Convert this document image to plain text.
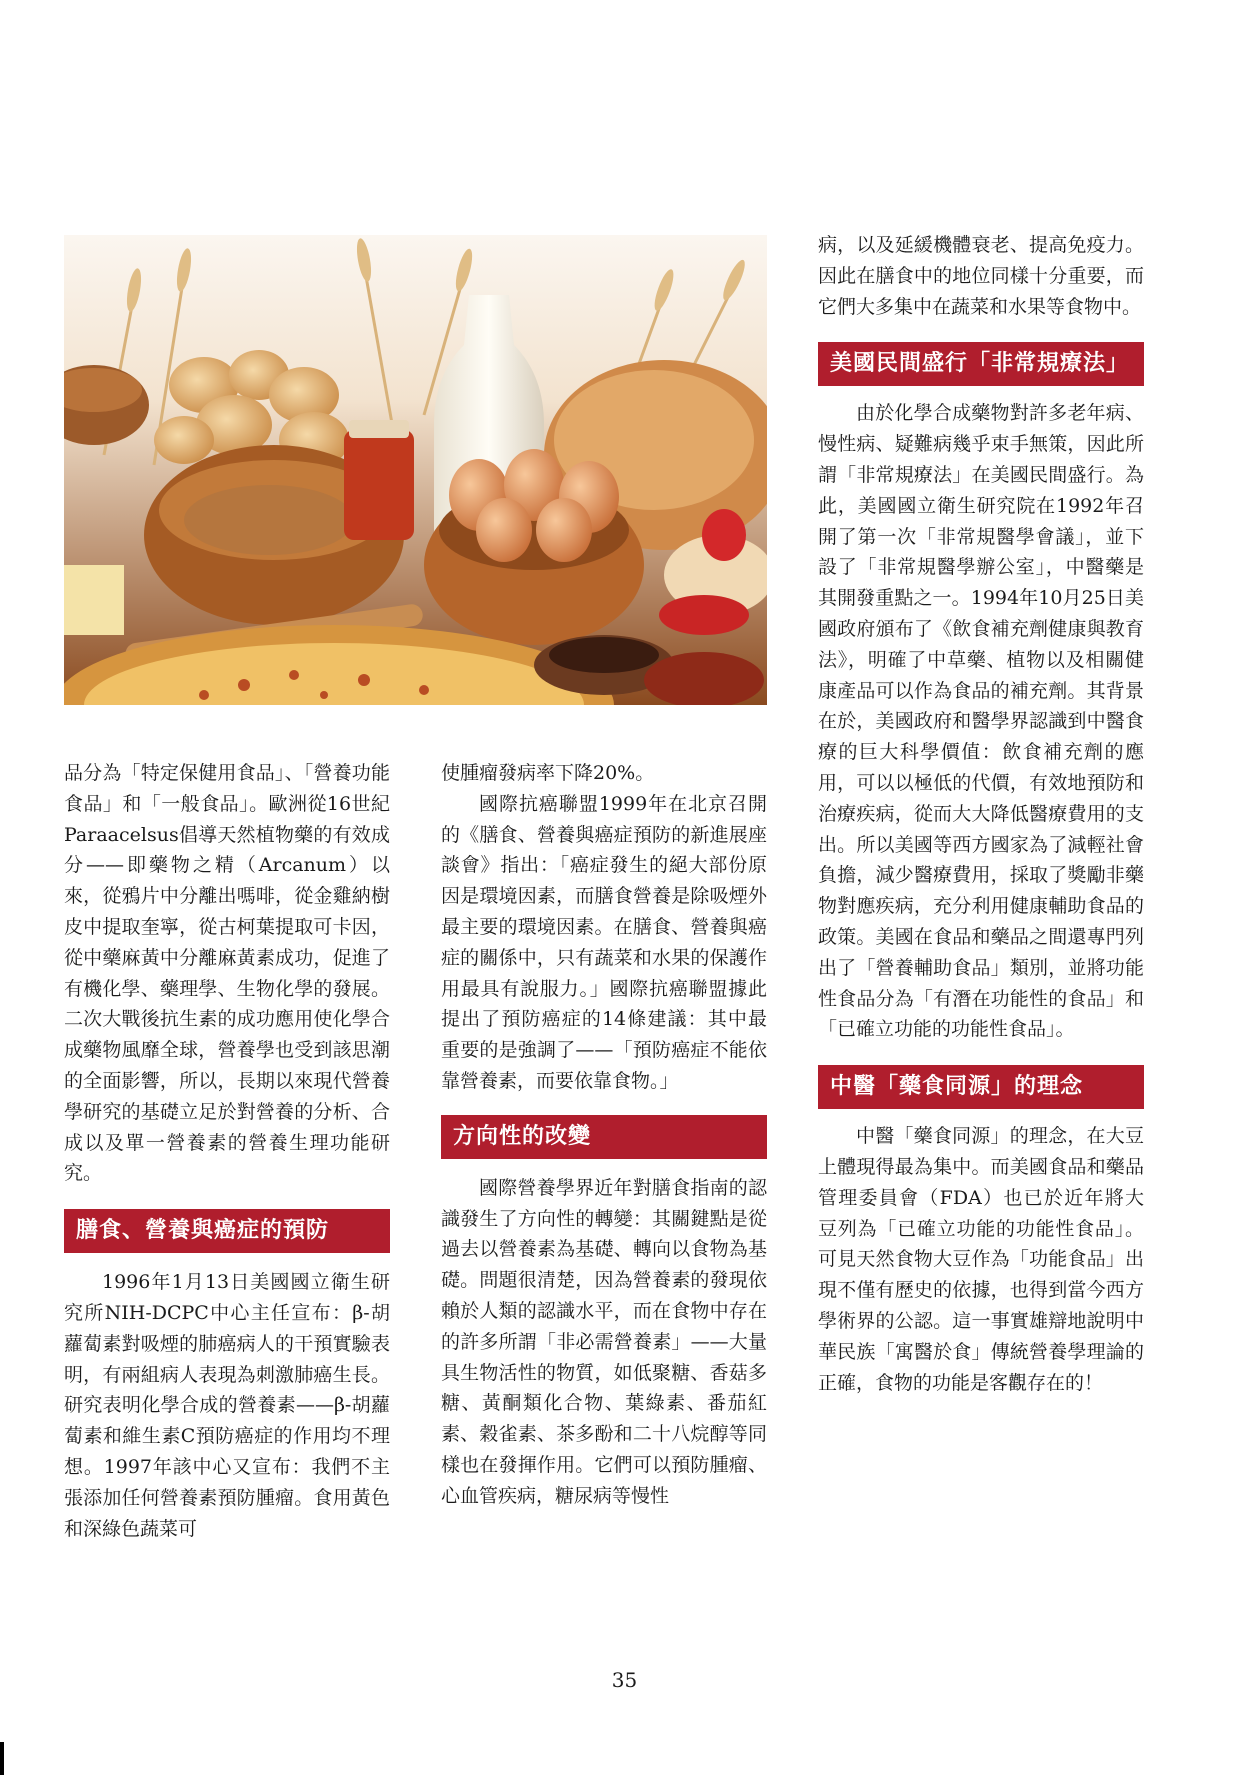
品分為「特定保健用食品」、「營養功能食品」和「一般食品」。歐洲從16世紀Paraacelsus倡導天然植物藥的有效成分——即藥物之精（Arcanum）以來，從鴉片中分離出嗎啡，從金雞納樹皮中提取奎寧，從古柯葉提取可卡因，從中藥麻黃中分離麻黃素成功，促進了有機化學、藥理學、生物化學的發展。二次大戰後抗生素的成功應用使化學合成藥物風靡全球，營養學也受到該思潮的全面影響，所以，長期以來現代營養學研究的基礎立足於對營養的分析、合成以及單一營養素的營養生理功能研究。

膳食、營養與癌症的預防

1996年1月13日美國國立衛生研究所NIH-DCPC中心主任宣布：β-胡蘿蔔素對吸煙的肺癌病人的干預實驗表明，有兩組病人表現為刺激肺癌生長。研究表明化學合成的營養素——β-胡蘿蔔素和維生素C預防癌症的作用均不理想。1997年該中心又宣布：我們不主張添加任何營養素預防腫瘤。食用黃色和深綠色蔬菜可

使腫瘤發病率下降20%。

國際抗癌聯盟1999年在北京召開的《膳食、營養與癌症預防的新進展座談會》指出：「癌症發生的絕大部份原因是環境因素，而膳食營養是除吸煙外最主要的環境因素。在膳食、營養與癌症的關係中，只有蔬菜和水果的保護作用最具有說服力。」國際抗癌聯盟據此提出了預防癌症的14條建議：其中最重要的是強調了——「預防癌症不能依靠營養素，而要依靠食物。」

方向性的改變

國際營養學界近年對膳食指南的認識發生了方向性的轉變：其關鍵點是從過去以營養素為基礎、轉向以食物為基礎。問題很清楚，因為營養素的發現依賴於人類的認識水平，而在食物中存在的許多所謂「非必需營養素」——大量具生物活性的物質，如低聚糖、香菇多糖、黃酮類化合物、葉綠素、番茄紅素、穀雀素、茶多酚和二十八烷醇等同樣也在發揮作用。它們可以預防腫瘤、心血管疾病，糖尿病等慢性

病，以及延緩機體衰老、提高免疫力。因此在膳食中的地位同樣十分重要，而它們大多集中在蔬菜和水果等食物中。

美國民間盛行「非常規療法」

由於化學合成藥物對許多老年病、慢性病、疑難病幾乎束手無策，因此所謂「非常規療法」在美國民間盛行。為此，美國國立衛生研究院在1992年召開了第一次「非常規醫學會議」，並下設了「非常規醫學辦公室」，中醫藥是其開發重點之一。1994年10月25日美國政府頒布了《飲食補充劑健康與教育法》，明確了中草藥、植物以及相關健康產品可以作為食品的補充劑。其背景在於，美國政府和醫學界認識到中醫食療的巨大科學價值：飲食補充劑的應用，可以以極低的代價，有效地預防和治療疾病，從而大大降低醫療費用的支出。所以美國等西方國家為了減輕社會負擔，減少醫療費用，採取了獎勵非藥物對應疾病，充分利用健康輔助食品的政策。美國在食品和藥品之間還專門列出了「營養輔助食品」類別，並將功能性食品分為「有潛在功能性的食品」和「已確立功能的功能性食品」。

中醫「藥食同源」的理念

中醫「藥食同源」的理念，在大豆上體現得最為集中。而美國食品和藥品管理委員會（FDA）也已於近年將大豆列為「已確立功能的功能性食品」。可見天然食物大豆作為「功能食品」出現不僅有歷史的依據，也得到當今西方學術界的公認。這一事實雄辯地說明中華民族「寓醫於食」傳統營養學理論的正確，食物的功能是客觀存在的！

35
